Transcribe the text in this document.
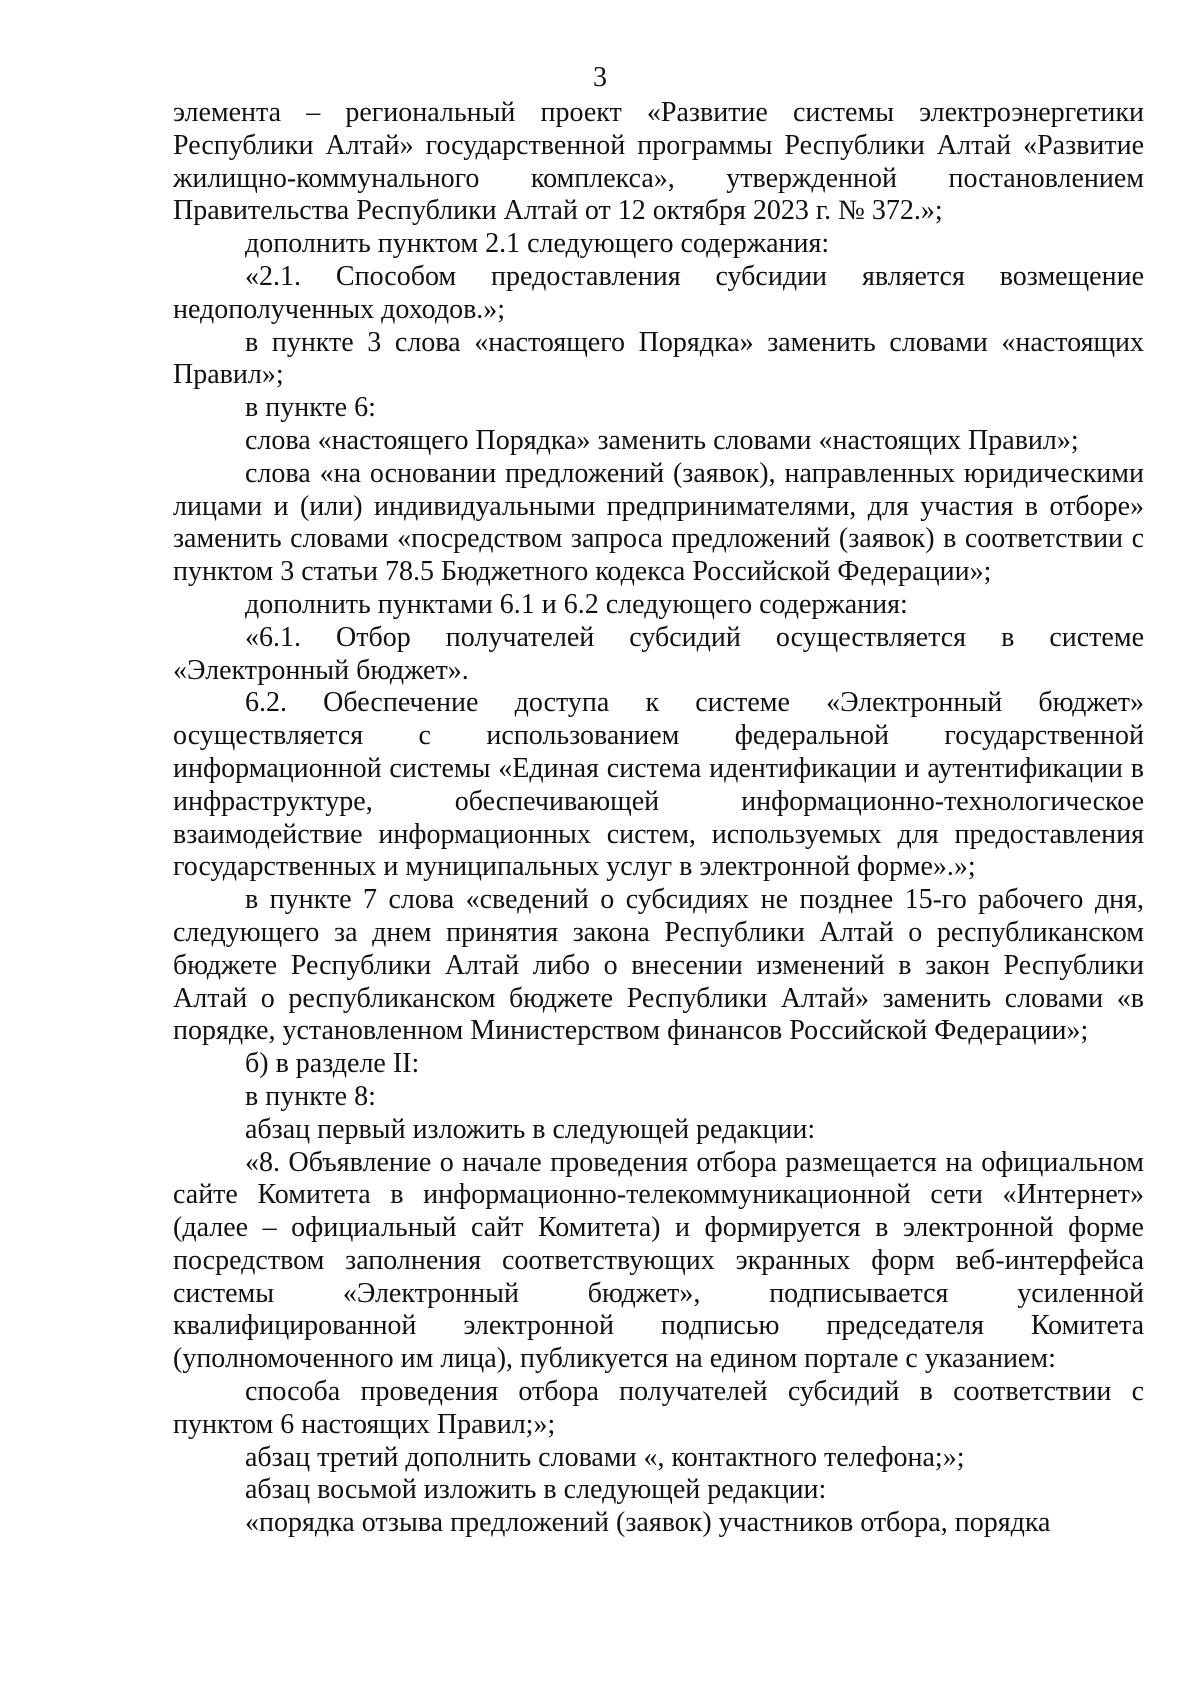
3

элемента – региональный проект «Развитие системы электроэнергетики Республики Алтай» государственной программы Республики Алтай «Развитие жилищно-коммунального комплекса», утвержденной постановлением Правительства Республики Алтай от 12 октября 2023 г. № 372.»;

дополнить пунктом 2.1 следующего содержания:

«2.1. Способом предоставления субсидии является возмещение недополученных доходов.»;

в пункте 3 слова «настоящего Порядка» заменить словами «настоящих Правил»;

в пункте 6:

слова «настоящего Порядка» заменить словами «настоящих Правил»;

слова «на основании предложений (заявок), направленных юридическими лицами и (или) индивидуальными предпринимателями, для участия в отборе» заменить словами «посредством запроса предложений (заявок) в соответствии с пунктом 3 статьи 78.5 Бюджетного кодекса Российской Федерации»;

дополнить пунктами 6.1 и 6.2 следующего содержания:

«6.1. Отбор получателей субсидий осуществляется в системе «Электронный бюджет».

6.2. Обеспечение доступа к системе «Электронный бюджет» осуществляется с использованием федеральной государственной информационной системы «Единая система идентификации и аутентификации в инфраструктуре, обеспечивающей информационно-технологическое взаимодействие информационных систем, используемых для предоставления государственных и муниципальных услуг в электронной форме».»;

в пункте 7 слова «сведений о субсидиях не позднее 15-го рабочего дня, следующего за днем принятия закона Республики Алтай о республиканском бюджете Республики Алтай либо о внесении изменений в закон Республики Алтай о республиканском бюджете Республики Алтай» заменить словами «в порядке, установленном Министерством финансов Российской Федерации»;

б) в разделе II:

в пункте 8:

абзац первый изложить в следующей редакции:

«8. Объявление о начале проведения отбора размещается на официальном сайте Комитета в информационно-телекоммуникационной сети «Интернет» (далее – официальный сайт Комитета) и формируется в электронной форме посредством заполнения соответствующих экранных форм веб-интерфейса системы «Электронный бюджет», подписывается усиленной квалифицированной электронной подписью председателя Комитета (уполномоченного им лица), публикуется на едином портале с указанием:

способа проведения отбора получателей субсидий в соответствии с пунктом 6 настоящих Правил;»;

абзац третий дополнить словами «, контактного телефона;»;

абзац восьмой изложить в следующей редакции:

«порядка отзыва предложений (заявок) участников отбора, порядка
